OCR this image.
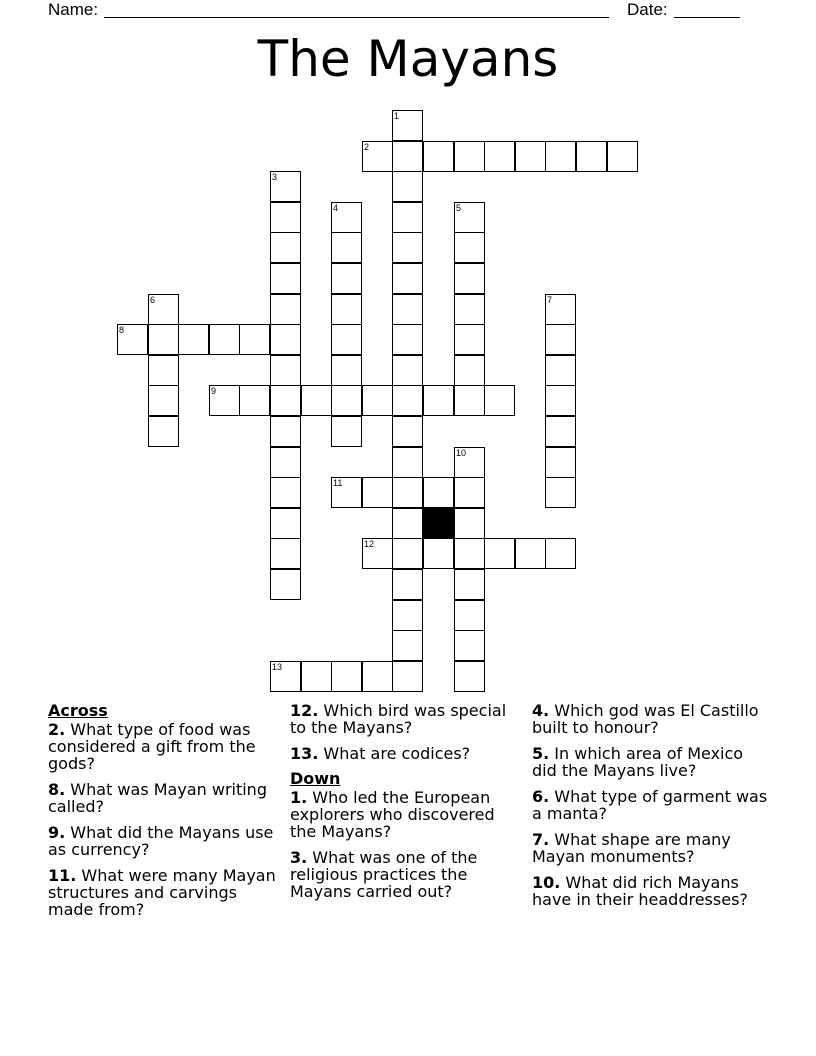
Name:	Date:
The Mayans
1
2
3
4	5
6	7
8
9
10
11
12
13
Across
2. What type of food was considered a gift from the gods?
8. What was Mayan writing called?
9. What did the Mayans use as currency?
11. What were many Mayan structures and carvings made from?
12. Which bird was special to the Mayans?
13. What are codices?
Down
1. Who led the European explorers who discovered the Mayans?
3. What was one of the religious practices the Mayans carried out?
4. Which god was El Castillo built to honour?
5. In which area of Mexico did the Mayans live?
6. What type of garment was a manta?
7. What shape are many Mayan monuments?
10. What did rich Mayans have in their headdresses?
